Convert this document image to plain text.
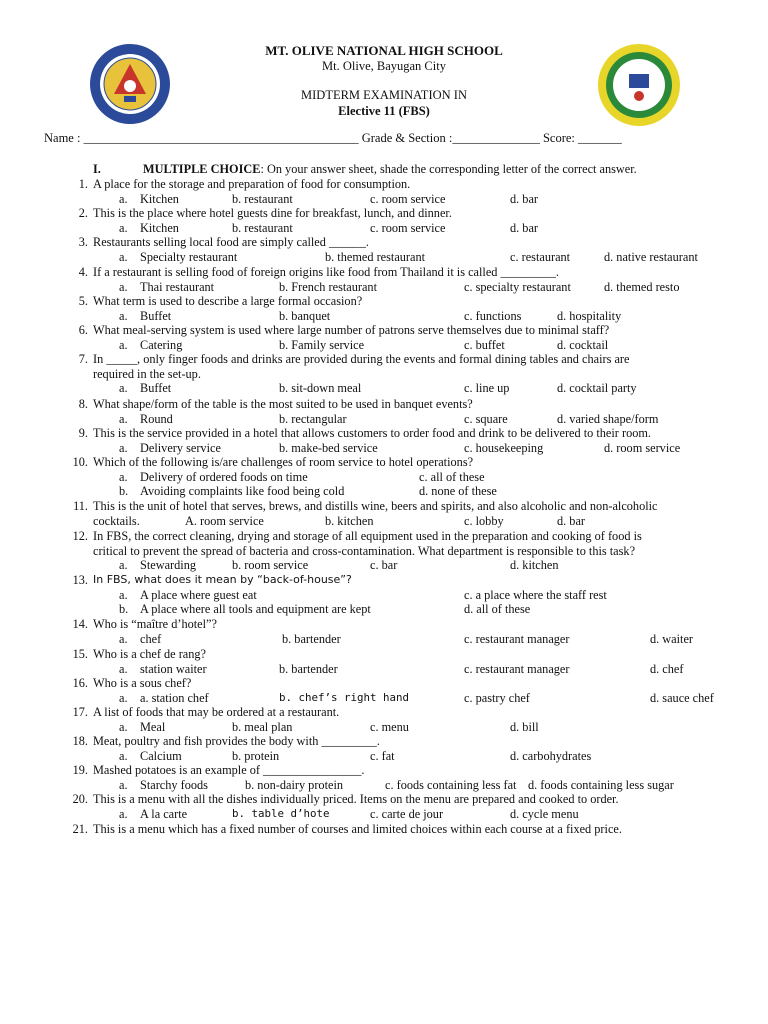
MT. OLIVE NATIONAL HIGH SCHOOL
Mt. Olive, Bayugan City
MIDTERM EXAMINATION IN
Elective 11 (FBS)
Name : ____________________________________________ Grade & Section :______________ Score: _______
I.	MULTIPLE CHOICE: On your answer sheet, shade the corresponding letter of the correct answer.
1. A place for the storage and preparation of food for consumption.
a. Kitchen	b. restaurant	c. room service	d. bar
2. This is the place where hotel guests dine for breakfast, lunch, and dinner.
a. Kitchen	b. restaurant	c. room service	d. bar
3. Restaurants selling local food are simply called ______.
a. Specialty restaurant	b. themed restaurant	c. restaurant	d. native restaurant
4. If a restaurant is selling food of foreign origins like food from Thailand it is called _________.
a. Thai restaurant	b. French restaurant	c. specialty restaurant	d. themed resto
5. What term is used to describe a large formal occasion?
a. Buffet	b. banquet	c. functions	d. hospitality
6. What meal-serving system is used where large number of patrons serve themselves due to minimal staff?
a. Catering	b. Family service	c. buffet	d. cocktail
7. In _____, only finger foods and drinks are provided during the events and formal dining tables and chairs are
required in the set-up.
a. Buffet	b. sit-down meal	c. line up	d. cocktail party
8. What shape/form of the table is the most suited to be used in banquet events?
a. Round	b. rectangular	c. square	d. varied shape/form
9. This is the service provided in a hotel that allows customers to order food and drink to be delivered to their room.
a. Delivery service	b. make-bed service	c. housekeeping	d. room service
10. Which of the following is/are challenges of room service to hotel operations?
a. Delivery of ordered foods on time	c. all of these
b. Avoiding complaints like food being cold	d. none of these
11. This is the unit of hotel that serves, brews, and distills wine, beers and spirits, and also alcoholic and non-alcoholic
cocktails.	A. room service	b. kitchen	c. lobby	d. bar
12. In FBS, the correct cleaning, drying and storage of all equipment used in the preparation and cooking of food is
critical to prevent the spread of bacteria and cross-contamination. What department is responsible to this task?
a. Stewarding	b. room service	c. bar	d. kitchen
13. In FBS, what does it mean by “back-of-house”?
a. A place where guest eat	c. a place where the staff rest
b. A place where all tools and equipment are kept	d. all of these
14. Who is “maître d’hotel”?
a. chef	b. bartender	c. restaurant manager	d. waiter
15. Who is a chef de rang?
a. station waiter	b. bartender	c. restaurant manager	d. chef
16. Who is a sous chef?
a. a. station chef	b. chef’s right hand	c. pastry chef	d. sauce chef
17. A list of foods that may be ordered at a restaurant.
a. Meal	b. meal plan	c. menu	d. bill
18. Meat, poultry and fish provides the body with _________.
a. Calcium	b. protein	c. fat	d. carbohydrates
19. Mashed potatoes is an example of ________________.
a. Starchy foods	b. non-dairy protein	c. foods containing less fat d. foods containing less sugar
20. This is a menu with all the dishes individually priced. Items on the menu are prepared and cooked to order.
a. A la carte	b. table d’hote	c. carte de jour	d. cycle menu
21. This is a menu which has a fixed number of courses and limited choices within each course at a fixed price.
